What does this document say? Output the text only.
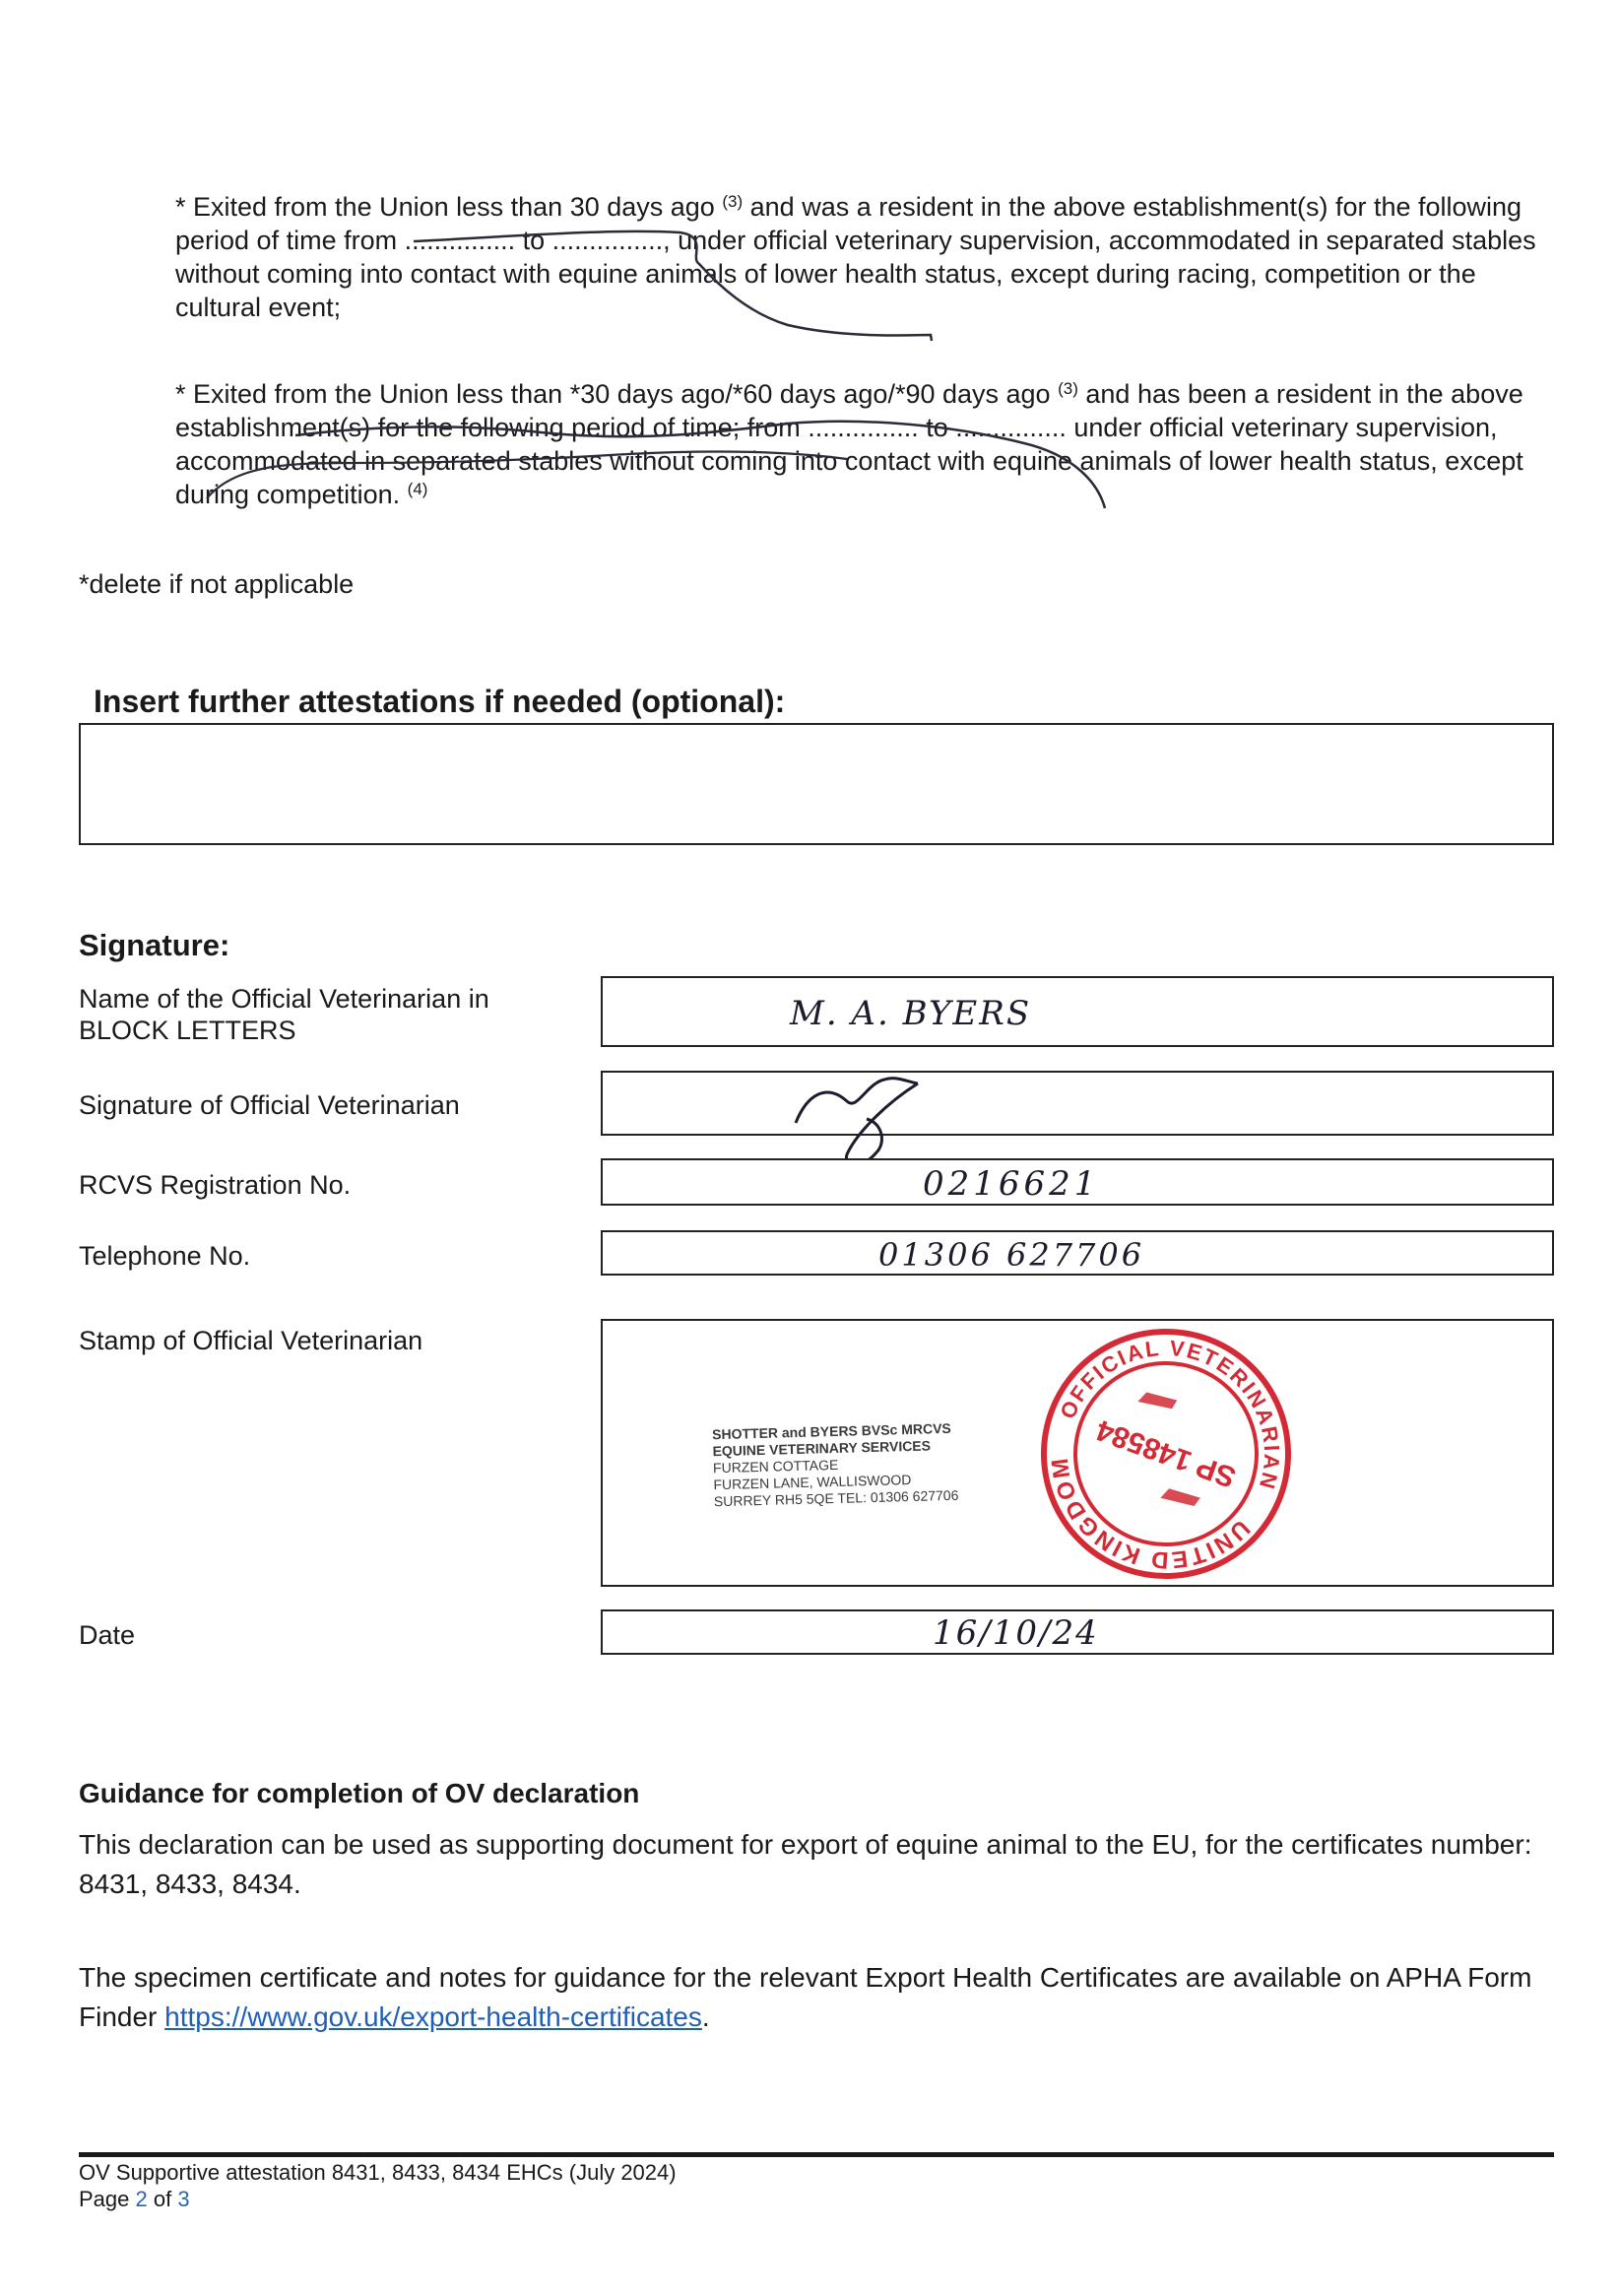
* Exited from the Union less than 30 days ago $^{(3)}$ and was a resident in the above establishment(s) for the following period of time from ............... to ..............., under official veterinary supervision, accommodated in separated stables without coming into contact with equine animals of lower health status, except during racing, competition or the cultural event;
* Exited from the Union less than *30 days ago/*60 days ago/*90 days ago $^{(3)}$ and has been a resident in the above establishment(s) for the following period of time; from ............... to ............... under official veterinary supervision, accommodated in separated stables without coming into contact with equine animals of lower health status, except during competition. $^{(4)}$
*delete if not applicable
Insert further attestations if needed (optional):
Signature:
Name of the Official Veterinarian in BLOCK LETTERS	M. A. BYERS
Signature of Official Veterinarian
RCVS Registration No.	0216621
Telephone No.	01306 627706
Stamp of Official Veterinarian
SHOTTER and BYERS BVSc MRCVS
EQUINE VETERINARY SERVICES
FURZEN COTTAGE
FURZEN LANE, WALLISWOOD
SURREY RH5 5QE TEL: 01306 627706
UNITED KINGDOM
OFFICIAL VETERINARIAN
SP 148584
Date	16/10/24
Guidance for completion of OV declaration
This declaration can be used as supporting document for export of equine animal to the EU, for the certificates number: 8431, 8433, 8434.
The specimen certificate and notes for guidance for the relevant Export Health Certificates are available on APHA Form Finder https://www.gov.uk/export-health-certificates.
OV Supportive attestation 8431, 8433, 8434 EHCs (July 2024)
Page 2 of 3
